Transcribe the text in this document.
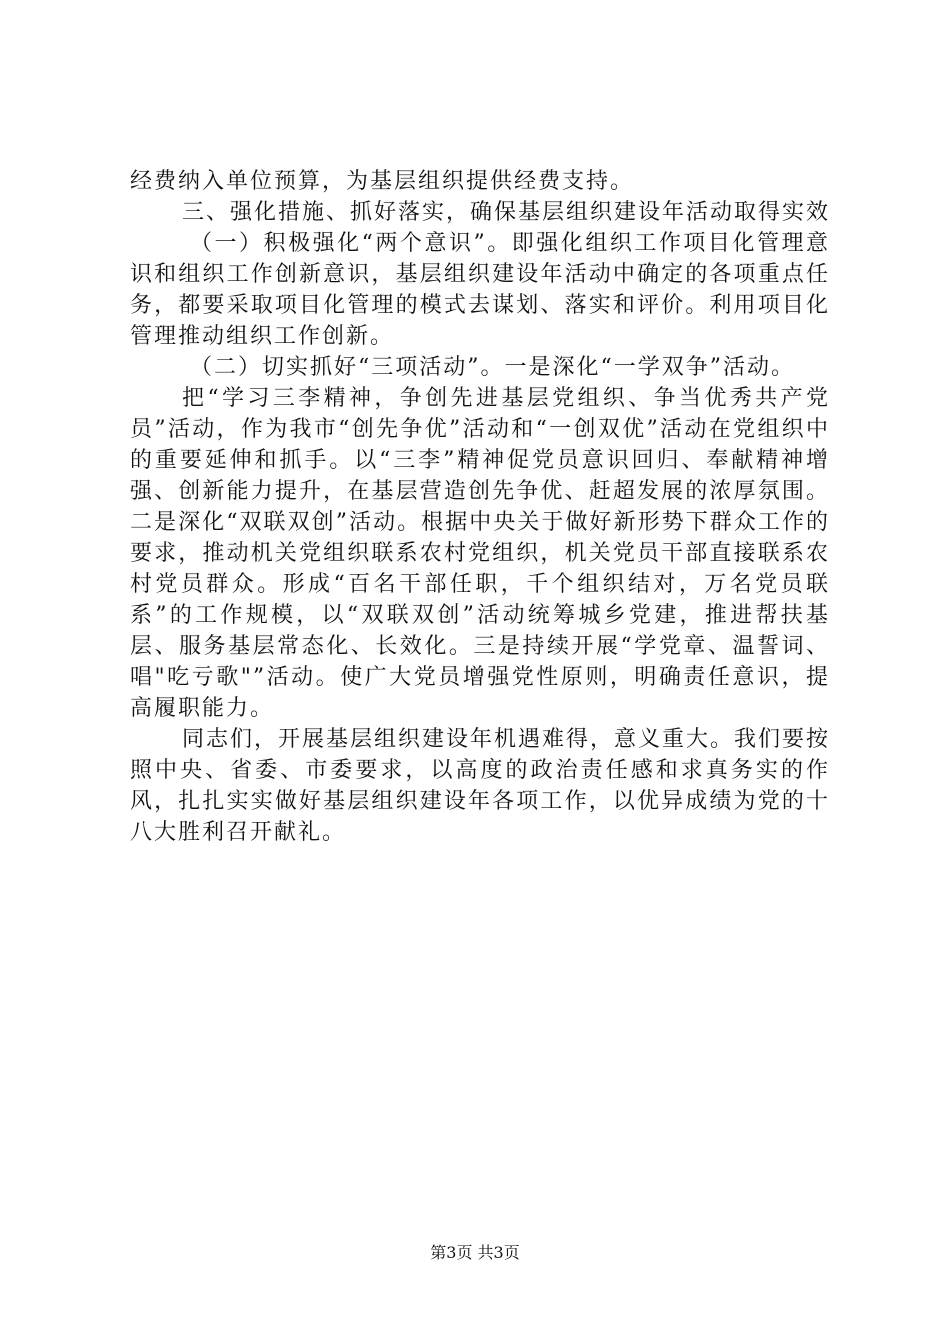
经费纳入单位预算，为基层组织提供经费支持。

三、强化措施、抓好落实，确保基层组织建设年活动取得实效

（一）积极强化“两个意识”。即强化组织工作项目化管理意识和组织工作创新意识，基层组织建设年活动中确定的各项重点任务，都要采取项目化管理的模式去谋划、落实和评价。利用项目化管理推动组织工作创新。

（二）切实抓好“三项活动”。一是深化“一学双争”活动。

把“学习三李精神，争创先进基层党组织、争当优秀共产党员”活动，作为我市“创先争优”活动和“一创双优”活动在党组织中的重要延伸和抓手。以“三李”精神促党员意识回归、奉献精神增强、创新能力提升，在基层营造创先争优、赶超发展的浓厚氛围。二是深化“双联双创”活动。根据中央关于做好新形势下群众工作的要求，推动机关党组织联系农村党组织，机关党员干部直接联系农村党员群众。形成“百名干部任职，千个组织结对，万名党员联系”的工作规模，以“双联双创”活动统筹城乡党建，推进帮扶基层、服务基层常态化、长效化。三是持续开展“学党章、温誓词、唱"吃亏歌"”活动。使广大党员增强党性原则，明确责任意识，提高履职能力。

同志们，开展基层组织建设年机遇难得，意义重大。我们要按照中央、省委、市委要求，以高度的政治责任感和求真务实的作风，扎扎实实做好基层组织建设年各项工作，以优异成绩为党的十八大胜利召开献礼。

第3页 共3页
